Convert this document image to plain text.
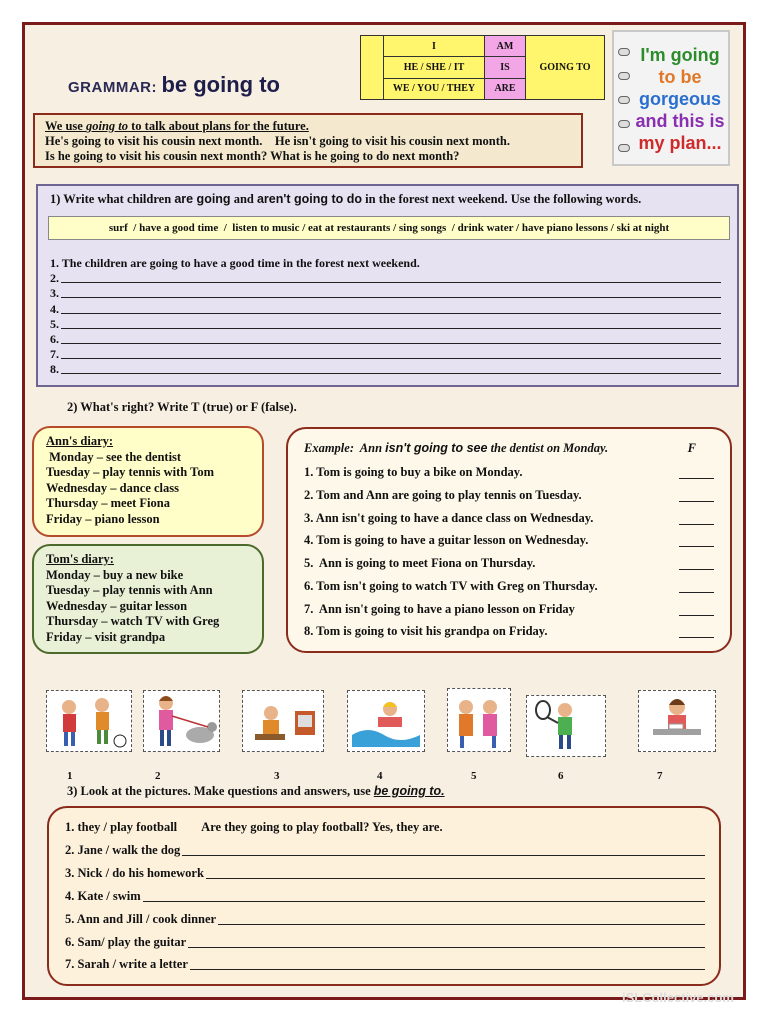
GRAMMAR: be going to
	I	AM	GOING TO
	HE / SHE / IT	IS	
	WE / YOU / THEY	ARE	
I'm going
to be
gorgeous
and this is
my plan...
We use going to to talk about plans for the future.
He's going to visit his cousin next month.    He isn't going to visit his cousin next month.
Is he going to visit his cousin next month? What is he going to do next month?
1) Write what children are going and aren't going to do in the forest next weekend. Use the following words.
surf  / have a good time  /  listen to music / eat at restaurants / sing songs  / drink water / have piano lessons / ski at night
1. The children are going to have a good time in the forest next weekend.
2.
3.
4.
5.
6.
7.
8.
2) What's right? Write T (true) or F (false).
Ann's diary:
Monday – see the dentist
Tuesday – play tennis with Tom
Wednesday – dance class
Thursday – meet Fiona
Friday – piano lesson
Tom's diary:
Monday – buy a new bike
Tuesday – play tennis with Ann
Wednesday – guitar lesson
Thursday – watch TV with Greg
Friday – visit grandpa
Example:  Ann isn't going to see the dentist on Monday.	F
1. Tom is going to buy a bike on Monday.
2. Tom and Ann are going to play tennis on Tuesday.
3. Ann isn't going to have a dance class on Wednesday.
4. Tom is going to have a guitar lesson on Wednesday.
5.  Ann is going to meet Fiona on Thursday.
6. Tom isn't going to watch TV with Greg on Thursday.
7.  Ann isn't going to have a piano lesson on Friday
8. Tom is going to visit his grandpa on Friday.
1	2	3	4	5	6	7
3) Look at the pictures. Make questions and answers, use be going to.
1. they / play football Are they going to play football? Yes, they are.
2. Jane / walk the dog
3. Nick / do his homework
4. Kate / swim
5. Ann and Jill / cook dinner
6. Sam/ play the guitar
7. Sarah / write a letter
iSLCollective.com
